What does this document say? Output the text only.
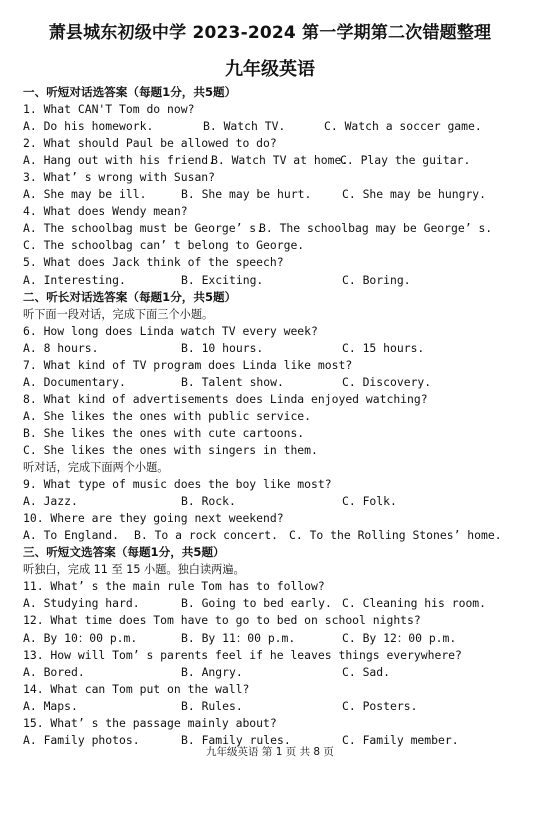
萧县城东初级中学 2023-2024 第一学期第二次错题整理
九年级英语
一、听短对话选答案（每题1分，共5题）
1. What CAN'T Tom do now?

A. Do his homework.

	B. Watch TV.

	C. Watch a soccer game.

2. What should Paul be allowed to do?

A. Hang out with his friend.

B. Watch TV at home.

C. Play the guitar.

3. What’ s wrong with Susan?

A. She may be ill.

	B. She may be hurt.

	C. She may be hungry.

4. What does Wendy mean?

A. The schoolbag must be George’ s.

B. The schoolbag may be George’ s.

C. The schoolbag can’ t belong to George.
5. What does Jack think of the speech?

A. Interesting.

	B. Exciting.

	C. Boring.

二、听长对话选答案（每题1分，共5题）
听下面一段对话，完成下面三个小题。
6. How long does Linda watch TV every week?

A. 8 hours.

	B. 10 hours.

	C. 15 hours.

7. What kind of TV program does Linda like most?

A. Documentary.

	B. Talent show.

	C. Discovery.

8. What kind of advertisements does Linda enjoyed watching?
A. She likes the ones with public service.
B. She likes the ones with cute cartoons.
C. She likes the ones with singers in them.
听对话，完成下面两个小题。
9. What type of music does the boy like most?

A. Jazz.

	B. Rock.

	C. Folk.

10. Where are they going next weekend?

A. To England.

B. To a rock concert.

C. To the Rolling Stones’ home.

三、听短文选答案（每题1分，共5题）
听独白，完成 11 至 15 小题。独白读两遍。
11. What’ s the main rule Tom has to follow?

A. Studying hard.

	B. Going to bed early.

C. Cleaning his room.

12. What time does Tom have to go to bed on school nights?

A. By 10：00 p.m.

	B. By 11：00 p.m.

	C. By 12：00 p.m.

13. How will Tom’ s parents feel if he leaves things everywhere?

A. Bored.

	B. Angry.

	C. Sad.

14. What can Tom put on the wall?

A. Maps.

	B. Rules.

	C. Posters.

15. What’ s the passage mainly about?

A. Family photos.

	B. Family rules.

	C. Family member.

九年级英语 第 1 页 共 8 页
